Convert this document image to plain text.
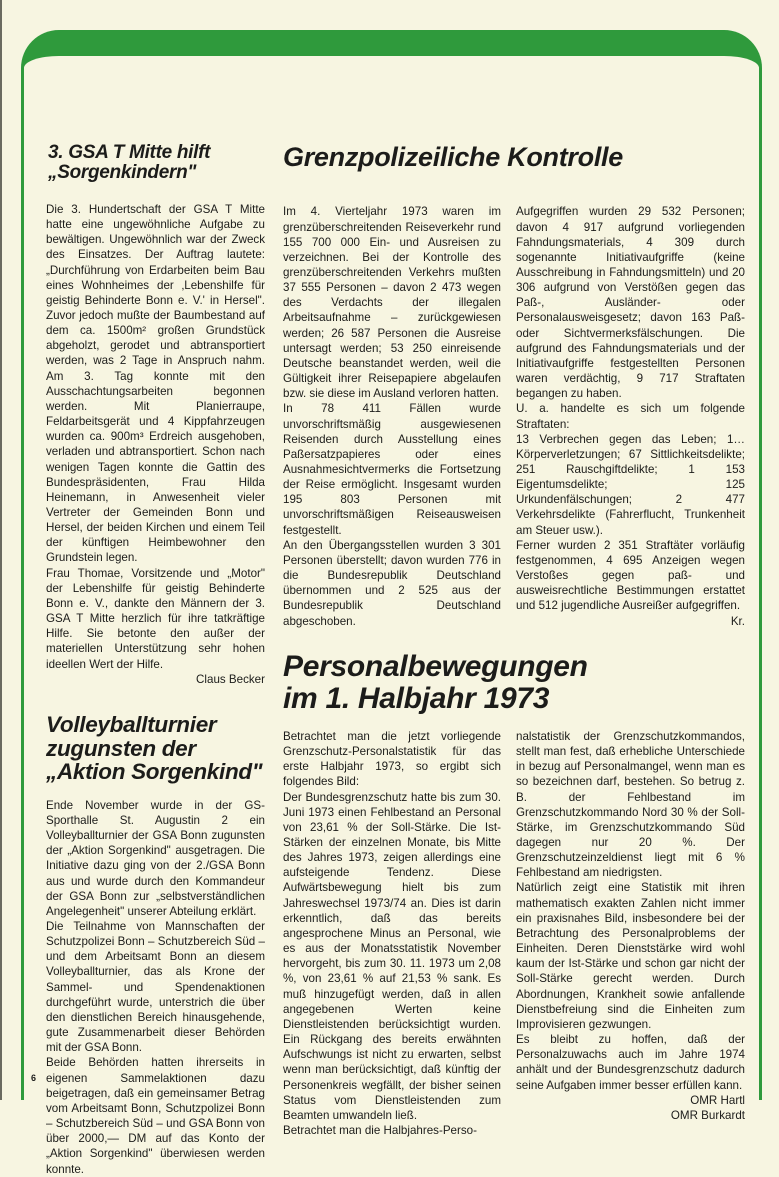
3. GSA T Mitte hilft
„Sorgenkindern"

Die 3. Hundertschaft der GSA T Mitte hatte eine ungewöhnliche Aufgabe zu bewältigen. Ungewöhnlich war der Zweck des Einsatzes. Der Auftrag lautete: „Durchführung von Erdarbeiten beim Bau eines Wohnheimes der ‚Lebenshilfe für geistig Behinderte Bonn e. V.' in Hersel". Zuvor jedoch mußte der Baumbestand auf dem ca. 1500m² großen Grundstück abgeholzt, gerodet und abtransportiert werden, was 2 Tage in Anspruch nahm. Am 3. Tag konnte mit den Ausschachtungsarbeiten begonnen werden. Mit Planierraupe, Feldarbeitsgerät und 4 Kippfahrzeugen wurden ca. 900m³ Erdreich ausgehoben, verladen und abtransportiert. Schon nach wenigen Tagen konnte die Gattin des Bundespräsidenten, Frau Hilda Heinemann, in Anwesenheit vieler Vertreter der Gemeinden Bonn und Hersel, der beiden Kirchen und einem Teil der künftigen Heimbewohner den Grundstein legen.

Frau Thomae, Vorsitzende und „Motor" der Lebenshilfe für geistig Behinderte Bonn e. V., dankte den Männern der 3. GSA T Mitte herzlich für ihre tatkräftige Hilfe. Sie betonte den außer der materiellen Unterstützung sehr hohen ideellen Wert der Hilfe.

Claus Becker

Volleyballturnier
zugunsten der
„Aktion Sorgenkind"

Ende November wurde in der GS-Sporthalle St. Augustin 2 ein Volleyballturnier der GSA Bonn zugunsten der „Aktion Sorgenkind" ausgetragen. Die Initiative dazu ging von der 2./GSA Bonn aus und wurde durch den Kommandeur der GSA Bonn zur „selbstverständlichen Angelegenheit" unserer Abteilung erklärt.

Die Teilnahme von Mannschaften der Schutzpolizei Bonn – Schutzbereich Süd – und dem Arbeitsamt Bonn an diesem Volleyballturnier, das als Krone der Sammel- und Spendenaktionen durchgeführt wurde, unterstrich die über den dienstlichen Bereich hinausgehende, gute Zusammenarbeit dieser Behörden mit der GSA Bonn.

Beide Behörden hatten ihrerseits in eigenen Sammelaktionen dazu beigetragen, daß ein gemeinsamer Betrag vom Arbeitsamt Bonn, Schutzpolizei Bonn – Schutzbereich Süd – und GSA Bonn von über 2000,— DM auf das Konto der „Aktion Sorgenkind" überwiesen werden konnte.

Grenzpolizeiliche Kontrolle

Im 4. Vierteljahr 1973 waren im grenzüberschreitenden Reiseverkehr rund 155 700 000 Ein- und Ausreisen zu verzeichnen. Bei der Kontrolle des grenzüberschreitenden Verkehrs mußten 37 555 Personen – davon 2 473 wegen des Verdachts der illegalen Arbeitsaufnahme – zurückgewiesen werden; 26 587 Personen die Ausreise untersagt werden; 53 250 einreisende Deutsche beanstandet werden, weil die Gültigkeit ihrer Reisepapiere abgelaufen bzw. sie diese im Ausland verloren hatten.

In 78 411 Fällen wurde unvorschriftsmäßig ausgewiesenen Reisenden durch Ausstellung eines Paßersatzpapieres oder eines Ausnahmesichtvermerks die Fortsetzung der Reise ermöglicht. Insgesamt wurden 195 803 Personen mit unvorschriftsmäßigen Reiseausweisen festgestellt.

An den Übergangsstellen wurden 3 301 Personen überstellt; davon wurden 776 in die Bundesrepublik Deutschland übernommen und 2 525 aus der Bundesrepublik Deutschland abgeschoben.

Aufgegriffen wurden 29 532 Personen; davon 4 917 aufgrund vorliegenden Fahndungsmaterials, 4 309 durch sogenannte Initiativaufgriffe (keine Ausschreibung in Fahndungsmitteln) und 20 306 aufgrund von Verstößen gegen das Paß-, Ausländer- oder Personalausweisgesetz; davon 163 Paß- oder Sichtvermerksfälschungen. Die aufgrund des Fahndungsmaterials und der Initiativaufgriffe festgestellten Personen waren verdächtig, 9 717 Straftaten begangen zu haben.

U. a. handelte es sich um folgende Straftaten:

13 Verbrechen gegen das Leben; 1… Körperverletzungen; 67 Sittlichkeitsdelikte; 251 Rauschgiftdelikte; 1 153 Eigentumsdelikte; 125 Urkundenfälschungen; 2 477 Verkehrsdelikte (Fahrerflucht, Trunkenheit am Steuer usw.).

Ferner wurden 2 351 Straftäter vorläufig festgenommen, 4 695 Anzeigen wegen Verstoßes gegen paß- und ausweisrechtliche Bestimmungen erstattet und 512 jugendliche Ausreißer aufgegriffen.

Kr.

Personalbewegungen
im 1. Halbjahr 1973

Betrachtet man die jetzt vorliegende Grenzschutz-Personalstatistik für das erste Halbjahr 1973, so ergibt sich folgendes Bild:

Der Bundesgrenzschutz hatte bis zum 30. Juni 1973 einen Fehlbestand an Personal von 23,61 % der Soll-Stärke. Die Ist-Stärken der einzelnen Monate, bis Mitte des Jahres 1973, zeigen allerdings eine aufsteigende Tendenz. Diese Aufwärtsbewegung hielt bis zum Jahreswechsel 1973/74 an. Dies ist darin erkenntlich, daß das bereits angesprochene Minus an Personal, wie es aus der Monatsstatistik November hervorgeht, bis zum 30. 11. 1973 um 2,08 %, von 23,61 % auf 21,53 % sank. Es muß hinzugefügt werden, daß in allen angegebenen Werten keine Dienstleistenden berücksichtigt wurden. Ein Rückgang des bereits erwähnten Aufschwungs ist nicht zu erwarten, selbst wenn man berücksichtigt, daß künftig der Personenkreis wegfällt, der bisher seinen Status vom Dienstleistenden zum Beamten umwandeln ließ.

Betrachtet man die Halbjahres-Perso-

nalstatistik der Grenzschutzkommandos, stellt man fest, daß erhebliche Unterschiede in bezug auf Personalmangel, wenn man es so bezeichnen darf, bestehen. So betrug z. B. der Fehlbestand im Grenzschutzkommando Nord 30 % der Soll-Stärke, im Grenzschutzkommando Süd dagegen nur 20 %. Der Grenzschutzeinzeldienst liegt mit 6 % Fehlbestand am niedrigsten.

Natürlich zeigt eine Statistik mit ihren mathematisch exakten Zahlen nicht immer ein praxisnahes Bild, insbesondere bei der Betrachtung des Personalproblems der Einheiten. Deren Dienststärke wird wohl kaum der Ist-Stärke und schon gar nicht der Soll-Stärke gerecht werden. Durch Abordnungen, Krankheit sowie anfallende Dienstbefreiung sind die Einheiten zum Improvisieren gezwungen.

Es bleibt zu hoffen, daß der Personalzuwachs auch im Jahre 1974 anhält und der Bundesgrenzschutz dadurch seine Aufgaben immer besser erfüllen kann.

OMR Hartl

OMR Burkardt

6
